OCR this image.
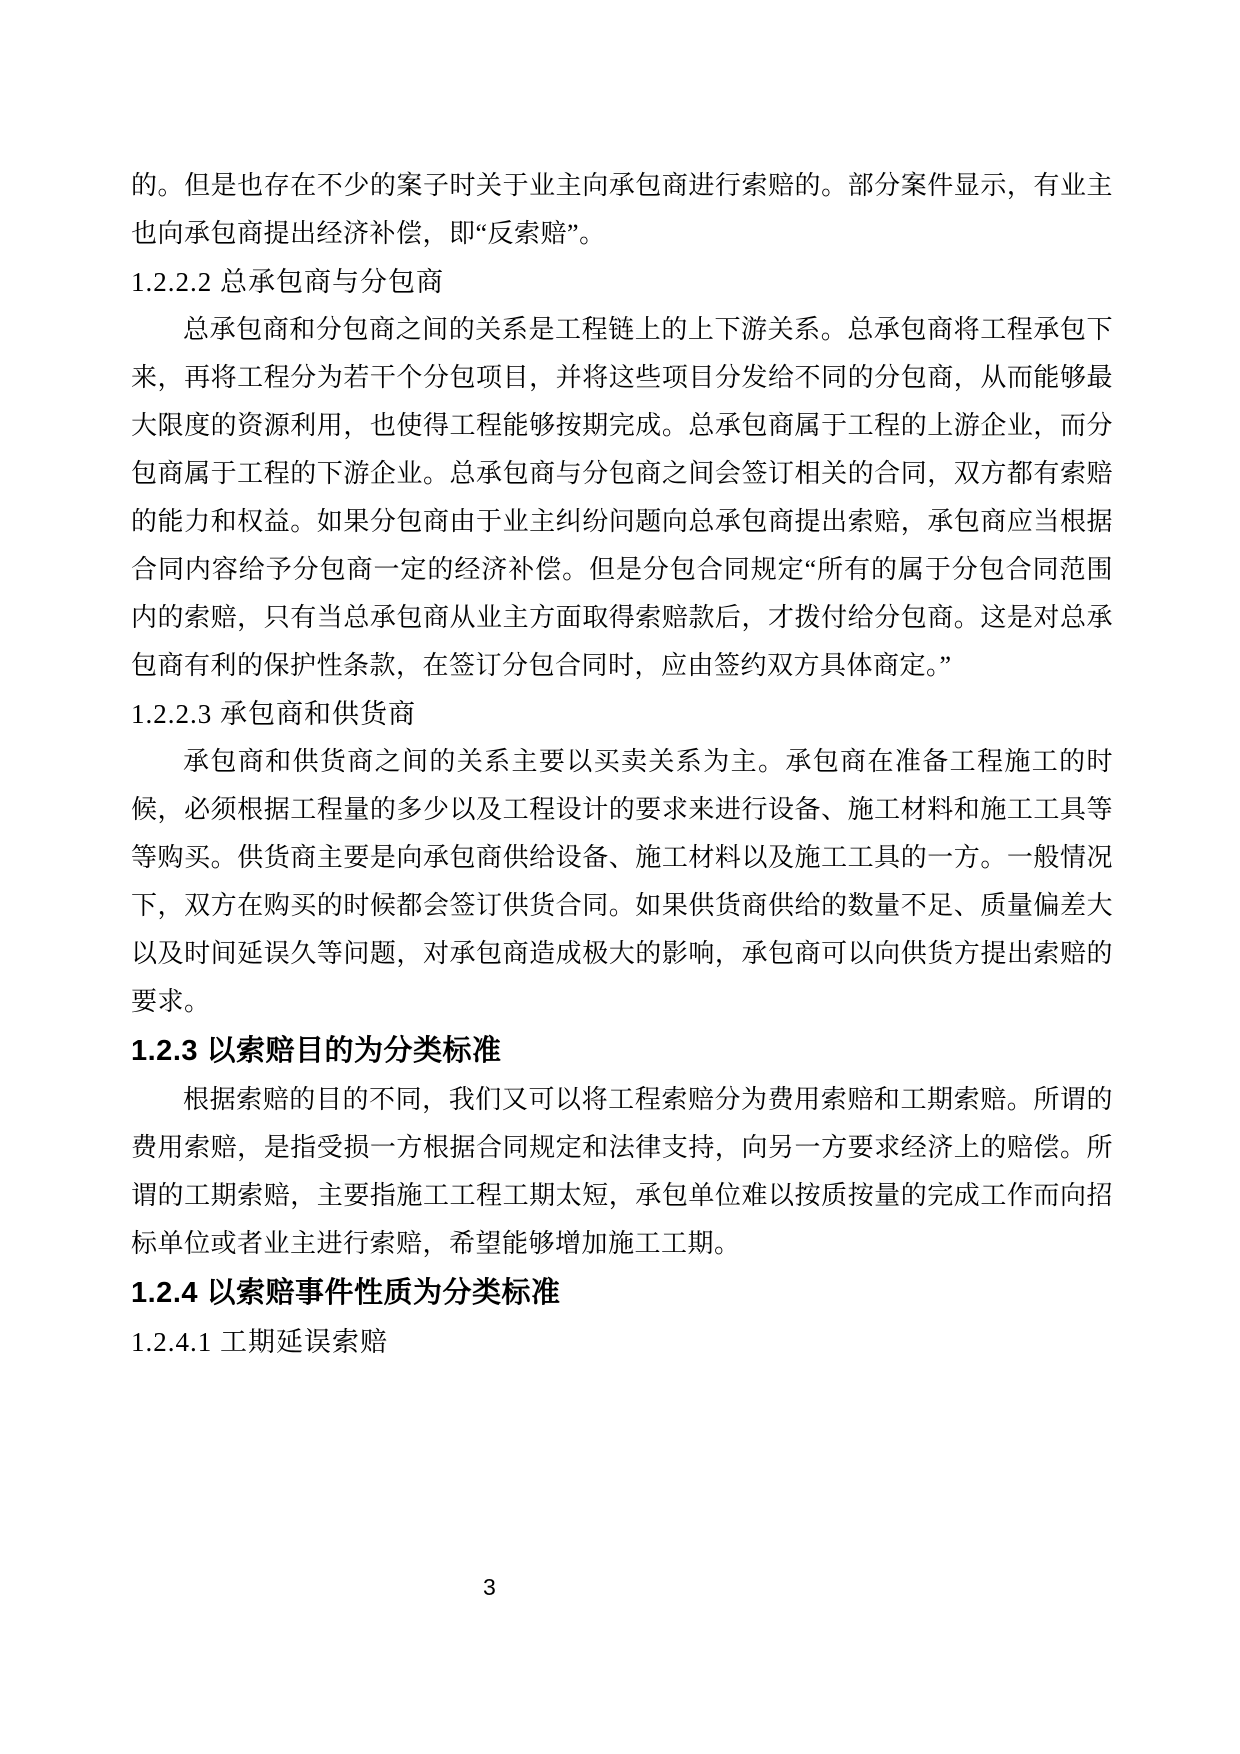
的。但是也存在不少的案子时关于业主向承包商进行索赔的。部分案件显示，有业主也向承包商提出经济补偿，即“反索赔”。

1.2.2.2 总承包商与分包商

总承包商和分包商之间的关系是工程链上的上下游关系。总承包商将工程承包下来，再将工程分为若干个分包项目，并将这些项目分发给不同的分包商，从而能够最大限度的资源利用，也使得工程能够按期完成。总承包商属于工程的上游企业，而分包商属于工程的下游企业。总承包商与分包商之间会签订相关的合同，双方都有索赔的能力和权益。如果分包商由于业主纠纷问题向总承包商提出索赔，承包商应当根据合同内容给予分包商一定的经济补偿。但是分包合同规定“所有的属于分包合同范围内的索赔，只有当总承包商从业主方面取得索赔款后，才拨付给分包商。这是对总承包商有利的保护性条款，在签订分包合同时，应由签约双方具体商定。”

1.2.2.3 承包商和供货商

承包商和供货商之间的关系主要以买卖关系为主。承包商在准备工程施工的时候，必须根据工程量的多少以及工程设计的要求来进行设备、施工材料和施工工具等等购买。供货商主要是向承包商供给设备、施工材料以及施工工具的一方。一般情况下，双方在购买的时候都会签订供货合同。如果供货商供给的数量不足、质量偏差大以及时间延误久等问题，对承包商造成极大的影响，承包商可以向供货方提出索赔的要求。

1.2.3 以索赔目的为分类标准

根据索赔的目的不同，我们又可以将工程索赔分为费用索赔和工期索赔。所谓的费用索赔，是指受损一方根据合同规定和法律支持，向另一方要求经济上的赔偿。所谓的工期索赔，主要指施工工程工期太短，承包单位难以按质按量的完成工作而向招标单位或者业主进行索赔，希望能够增加施工工期。

1.2.4 以索赔事件性质为分类标准
1.2.4.1 工期延误索赔
3
